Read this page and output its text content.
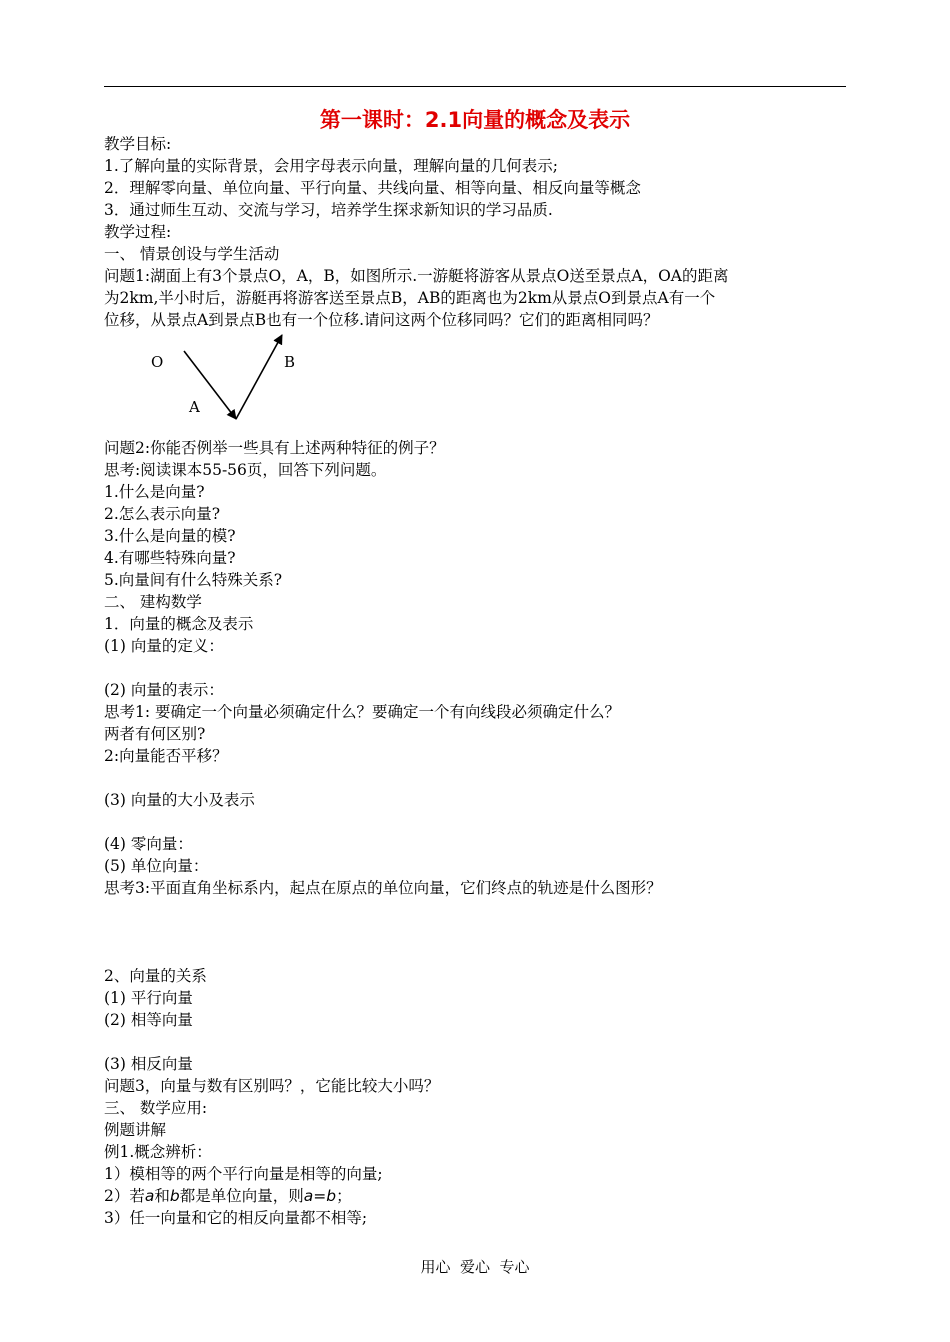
第一课时：2.1向量的概念及表示
教学目标:
1.了解向量的实际背景，会用字母表示向量，理解向量的几何表示;
2．理解零向量、单位向量、平行向量、共线向量、相等向量、相反向量等概念
3．通过师生互动、交流与学习，培养学生探求新知识的学习品质.
教学过程:
一、 情景创设与学生活动
问题1:湖面上有3个景点O，A，B，如图所示.一游艇将游客从景点O送至景点A，OA的距离
为2km,半小时后，游艇再将游客送至景点B，AB的距离也为2km从景点O到景点A有一个
位移，从景点A到景点B也有一个位移.请问这两个位移同吗？它们的距离相同吗？
O
A
B
问题2:你能否例举一些具有上述两种特征的例子？
思考:阅读课本55-56页，回答下列问题。
1.什么是向量?
2.怎么表示向量?
3.什么是向量的模?
4.有哪些特殊向量?
5.向量间有什么特殊关系?
二、 建构数学
1．向量的概念及表示
(1) 向量的定义：
(2) 向量的表示：
思考1: 要确定一个向量必须确定什么？要确定一个有向线段必须确定什么？
两者有何区别?
2:向量能否平移？
(3) 向量的大小及表示
(4) 零向量：
(5) 单位向量：
思考3:平面直角坐标系内，起点在原点的单位向量，它们终点的轨迹是什么图形？
2、向量的关系
(1) 平行向量
(2) 相等向量
(3) 相反向量
问题3，向量与数有区别吗？，它能比较大小吗？
三、 数学应用:
例题讲解
例1.概念辨析：
1）模相等的两个平行向量是相等的向量;
2）若a和b都是单位向量，则a=b；
3）任一向量和它的相反向量都不相等;
用心  爱心  专心
